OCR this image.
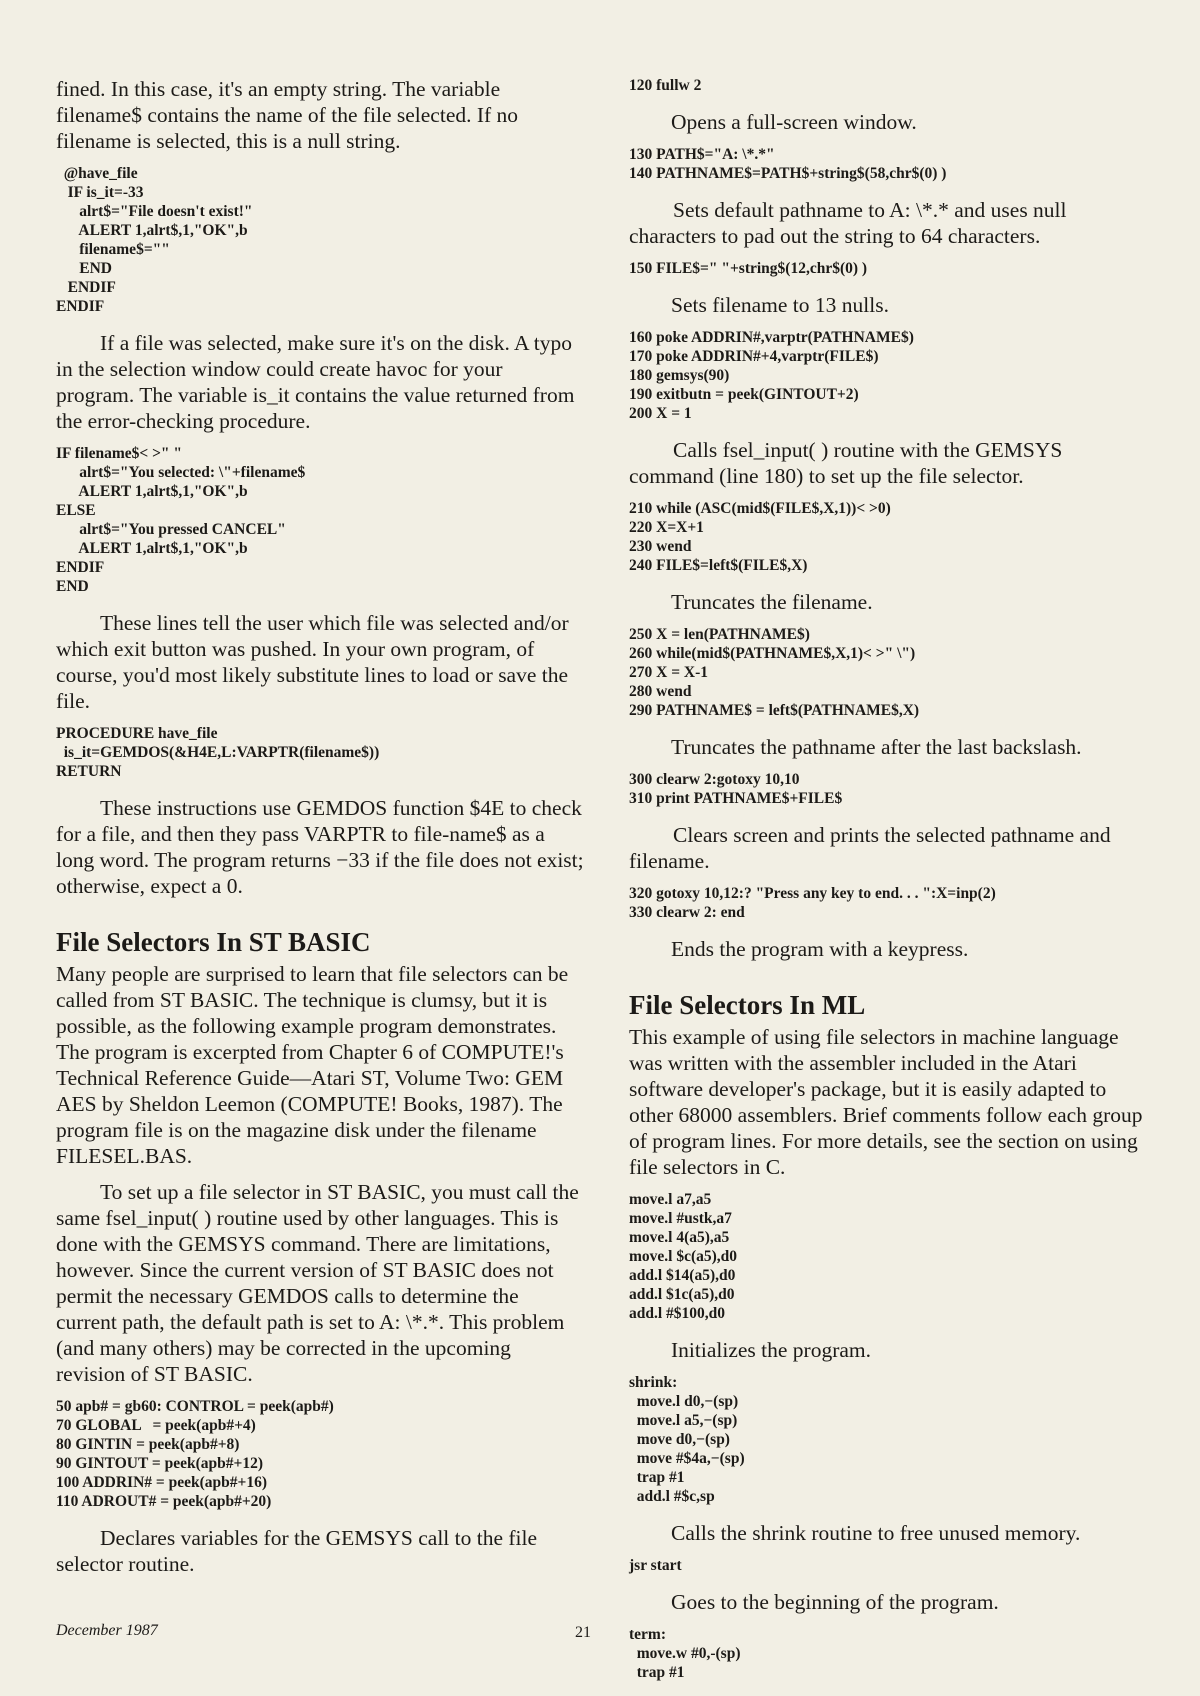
fined. In this case, it's an empty string. The variable filename$ contains the name of the file selected. If no filename is selected, this is a null string.

@have_file
IF is_it=-33
alrt$="File doesn't exist!"
ALERT 1,alrt$,1,"OK",b
filename$=""
END
ENDIF
ENDIF

If a file was selected, make sure it's on the disk. A typo in the selection window could create havoc for your program. The variable is_it contains the value returned from the error-checking procedure.

IF filename$< >" "
alrt$="You selected: \"+filename$
ALERT 1,alrt$,1,"OK",b
ELSE
alrt$="You pressed CANCEL"
ALERT 1,alrt$,1,"OK",b
ENDIF
END

These lines tell the user which file was selected and/or which exit button was pushed. In your own program, of course, you'd most likely substitute lines to load or save the file.

PROCEDURE have_file
is_it=GEMDOS(&H4E,L:VARPTR(filename$))
RETURN

These instructions use GEMDOS function $4E to check for a file, and then they pass VARPTR to file-name$ as a long word. The program returns −33 if the file does not exist; otherwise, expect a 0.

File Selectors In ST BASIC

Many people are surprised to learn that file selectors can be called from ST BASIC. The technique is clumsy, but it is possible, as the following example program demonstrates. The program is excerpted from Chapter 6 of COMPUTE!'s Technical Reference Guide—Atari ST, Volume Two: GEM AES by Sheldon Leemon (COMPUTE! Books, 1987). The program file is on the magazine disk under the filename FILESEL.BAS.

To set up a file selector in ST BASIC, you must call the same fsel_input( ) routine used by other languages. This is done with the GEMSYS command. There are limitations, however. Since the current version of ST BASIC does not permit the necessary GEMDOS calls to determine the current path, the default path is set to A: \*.*. This problem (and many others) may be corrected in the upcoming revision of ST BASIC.

50 apb# = gb60: CONTROL = peek(apb#)
70 GLOBAL   = peek(apb#+4)
80 GINTIN = peek(apb#+8)
90 GINTOUT = peek(apb#+12)
100 ADDRIN# = peek(apb#+16)
110 ADROUT# = peek(apb#+20)

Declares variables for the GEMSYS call to the file selector routine.

120 fullw 2

Opens a full-screen window.

130 PATH$="A: \*.*"
140 PATHNAME$=PATH$+string$(58,chr$(0) )

Sets default pathname to A: \*.* and uses null characters to pad out the string to 64 characters.

150 FILE$=" "+string$(12,chr$(0) )

Sets filename to 13 nulls.

160 poke ADDRIN#,varptr(PATHNAME$)
170 poke ADDRIN#+4,varptr(FILE$)
180 gemsys(90)
190 exitbutn = peek(GINTOUT+2)
200 X = 1

Calls fsel_input( ) routine with the GEMSYS command (line 180) to set up the file selector.

210 while (ASC(mid$(FILE$,X,1))< >0)
220 X=X+1
230 wend
240 FILE$=left$(FILE$,X)

Truncates the filename.

250 X = len(PATHNAME$)
260 while(mid$(PATHNAME$,X,1)< >" \")
270 X = X-1
280 wend
290 PATHNAME$ = left$(PATHNAME$,X)

Truncates the pathname after the last backslash.

300 clearw 2:gotoxy 10,10
310 print PATHNAME$+FILE$

Clears screen and prints the selected pathname and filename.

320 gotoxy 10,12:? "Press any key to end. . . ":X=inp(2)
330 clearw 2: end

Ends the program with a keypress.

File Selectors In ML

This example of using file selectors in machine language was written with the assembler included in the Atari software developer's package, but it is easily adapted to other 68000 assemblers. Brief comments follow each group of program lines. For more details, see the section on using file selectors in C.

move.l a7,a5
move.l #ustk,a7
move.l 4(a5),a5
move.l $c(a5),d0
add.l $14(a5),d0
add.l $1c(a5),d0
add.l #$100,d0

Initializes the program.

shrink:
move.l d0,−(sp)
move.l a5,−(sp)
move d0,−(sp)
move #$4a,−(sp)
trap #1
add.l #$c,sp

Calls the shrink routine to free unused memory.

jsr start

Goes to the beginning of the program.

term:
move.w #0,-(sp)
trap #1
December 1987	21
